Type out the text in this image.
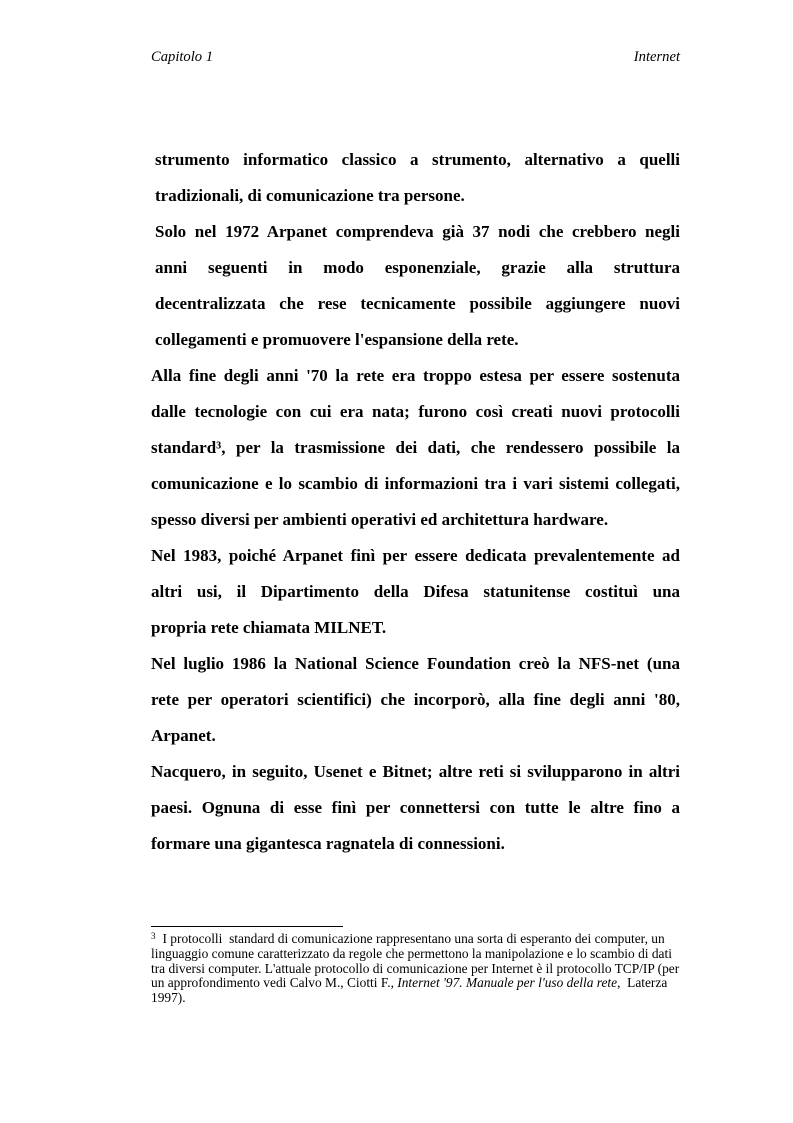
Capitolo 1	Internet
strumento informatico classico a strumento, alternativo a quelli
tradizionali, di comunicazione tra persone.
Solo nel 1972 Arpanet comprendeva già 37 nodi che crebbero negli
anni seguenti in modo esponenziale, grazie alla struttura
decentralizzata che rese tecnicamente possibile aggiungere nuovi
collegamenti e promuovere l'espansione della rete.
Alla fine degli anni '70 la rete era troppo estesa per essere sostenuta
dalle tecnologie con cui era nata; furono così creati nuovi protocolli
standard³, per la trasmissione dei dati, che rendessero possibile la
comunicazione e lo scambio di informazioni tra i vari sistemi collegati,
spesso diversi per ambienti operativi ed architettura hardware.
Nel 1983, poiché Arpanet finì per essere dedicata prevalentemente ad
altri usi, il Dipartimento della Difesa statunitense costituì una
propria rete chiamata MILNET.
Nel luglio 1986 la National Science Foundation creò la NFS-net (una
rete per operatori scientifici) che incorporò, alla fine degli anni '80,
Arpanet.
Nacquero, in seguito, Usenet e Bitnet; altre reti si svilupparono in altri
paesi. Ognuna di esse finì per connettersi con tutte le altre fino a
formare una gigantesca ragnatela di connessioni.
$^3$ I protocolli  standard di comunicazione rappresentano una sorta di esperanto dei computer, un
linguaggio comune caratterizzato da regole che permettono la manipolazione e lo scambio di dati
tra diversi computer. L'attuale protocollo di comunicazione per Internet è il protocollo TCP/IP (per
un approfondimento vedi Calvo M., Ciotti F., Internet '97. Manuale per l'uso della rete,  Laterza
1997).
